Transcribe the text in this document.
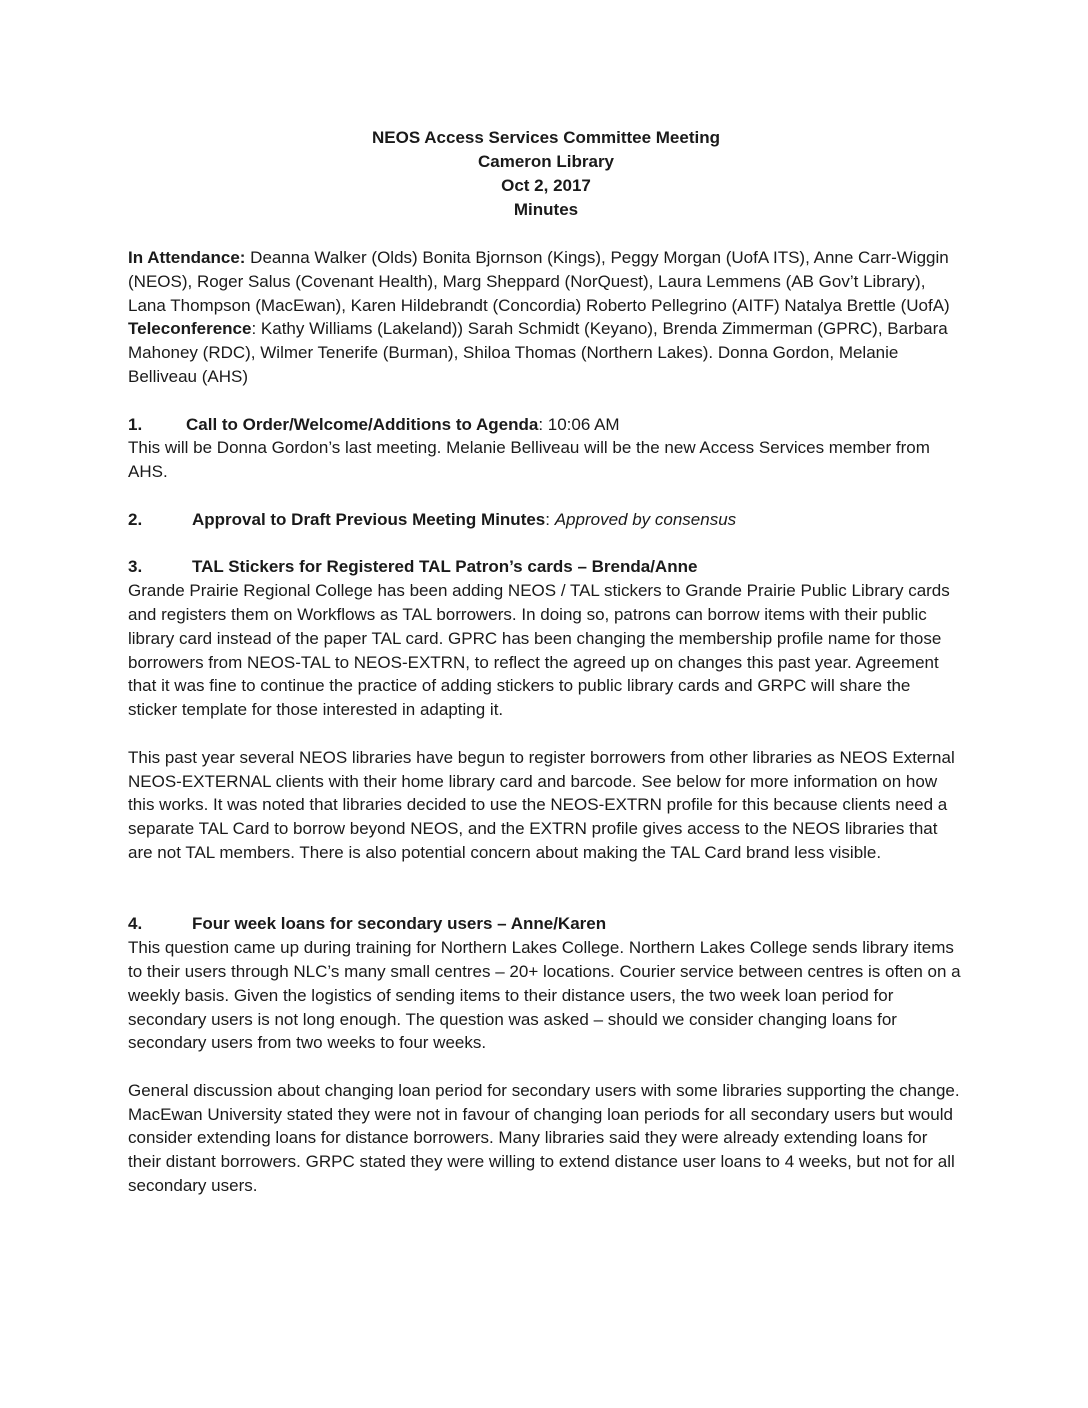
NEOS Access Services Committee Meeting
Cameron Library
Oct 2, 2017
Minutes

In Attendance: Deanna Walker (Olds) Bonita Bjornson (Kings), Peggy Morgan (UofA ITS), Anne Carr-Wiggin (NEOS), Roger Salus (Covenant Health), Marg Sheppard (NorQuest), Laura Lemmens (AB Gov’t Library), Lana Thompson (MacEwan), Karen Hildebrandt (Concordia) Roberto Pellegrino (AITF) Natalya Brettle (UofA)

Teleconference: Kathy Williams (Lakeland)) Sarah Schmidt (Keyano), Brenda Zimmerman (GPRC), Barbara Mahoney (RDC), Wilmer Tenerife (Burman), Shiloa Thomas (Northern Lakes). Donna Gordon, Melanie Belliveau (AHS)

1.	Call to Order/Welcome/Additions to Agenda: 10:06 AM

This will be Donna Gordon’s last meeting. Melanie Belliveau will be the new Access Services member from AHS.

2.	Approval to Draft Previous Meeting Minutes: Approved by consensus
3.	TAL Stickers for Registered TAL Patron’s cards – Brenda/Anne

Grande Prairie Regional College has been adding NEOS / TAL stickers to Grande Prairie Public Library cards and registers them on Workflows as TAL borrowers. In doing so, patrons can borrow items with their public library card instead of the paper TAL card. GPRC has been changing the membership profile name for those borrowers from NEOS-TAL to NEOS-EXTRN, to reflect the agreed up on changes this past year. Agreement that it was fine to continue the practice of adding stickers to public library cards and GRPC will share the sticker template for those interested in adapting it.

This past year several NEOS libraries have begun to register borrowers from other libraries as NEOS External NEOS-EXTERNAL clients with their home library card and barcode. See below for more information on how this works. It was noted that libraries decided to use the NEOS-EXTRN profile for this because clients need a separate TAL Card to borrow beyond NEOS, and the EXTRN profile gives access to the NEOS libraries that are not TAL members. There is also potential concern about making the TAL Card brand less visible.

4.	Four week loans for secondary users – Anne/Karen

This question came up during training for Northern Lakes College. Northern Lakes College sends library items to their users through NLC’s many small centres – 20+ locations. Courier service between centres is often on a weekly basis. Given the logistics of sending items to their distance users, the two week loan period for secondary users is not long enough. The question was asked – should we consider changing loans for secondary users from two weeks to four weeks.

General discussion about changing loan period for secondary users with some libraries supporting the change. MacEwan University stated they were not in favour of changing loan periods for all secondary users but would consider extending loans for distance borrowers. Many libraries said they were already extending loans for their distant borrowers. GRPC stated they were willing to extend distance user loans to 4 weeks, but not for all secondary users.
